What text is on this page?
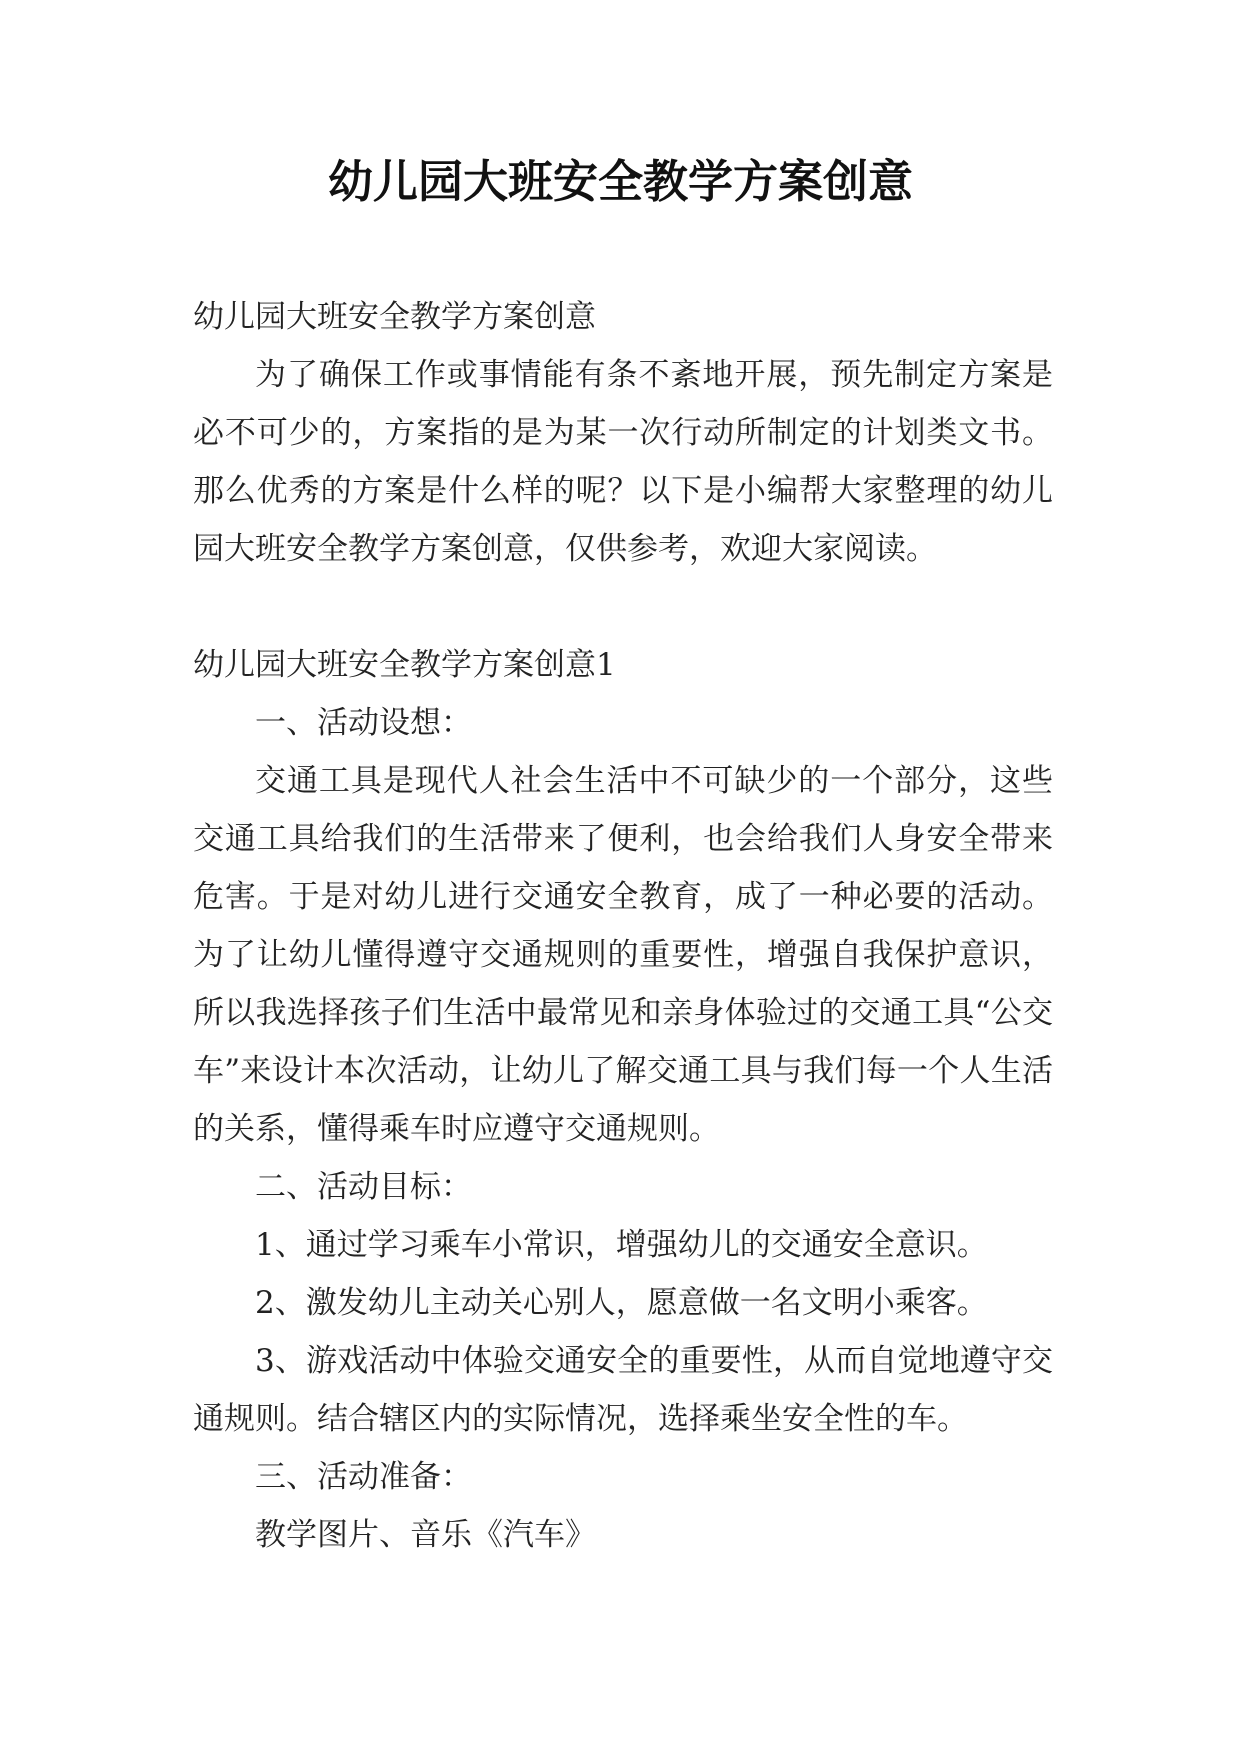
幼儿园大班安全教学方案创意

幼儿园大班安全教学方案创意

为了确保工作或事情能有条不紊地开展，预先制定方案是必不可少的，方案指的是为某一次行动所制定的计划类文书。那么优秀的方案是什么样的呢？以下是小编帮大家整理的幼儿园大班安全教学方案创意，仅供参考，欢迎大家阅读。

幼儿园大班安全教学方案创意1

一、活动设想：

交通工具是现代人社会生活中不可缺少的一个部分，这些交通工具给我们的生活带来了便利，也会给我们人身安全带来危害。于是对幼儿进行交通安全教育，成了一种必要的活动。为了让幼儿懂得遵守交通规则的重要性，增强自我保护意识，所以我选择孩子们生活中最常见和亲身体验过的交通工具“公交车”来设计本次活动，让幼儿了解交通工具与我们每一个人生活的关系，懂得乘车时应遵守交通规则。

二、活动目标：

1、通过学习乘车小常识，增强幼儿的交通安全意识。

2、激发幼儿主动关心别人，愿意做一名文明小乘客。

3、游戏活动中体验交通安全的重要性，从而自觉地遵守交通规则。结合辖区内的实际情况，选择乘坐安全性的车。

三、活动准备：

教学图片、音乐《汽车》
